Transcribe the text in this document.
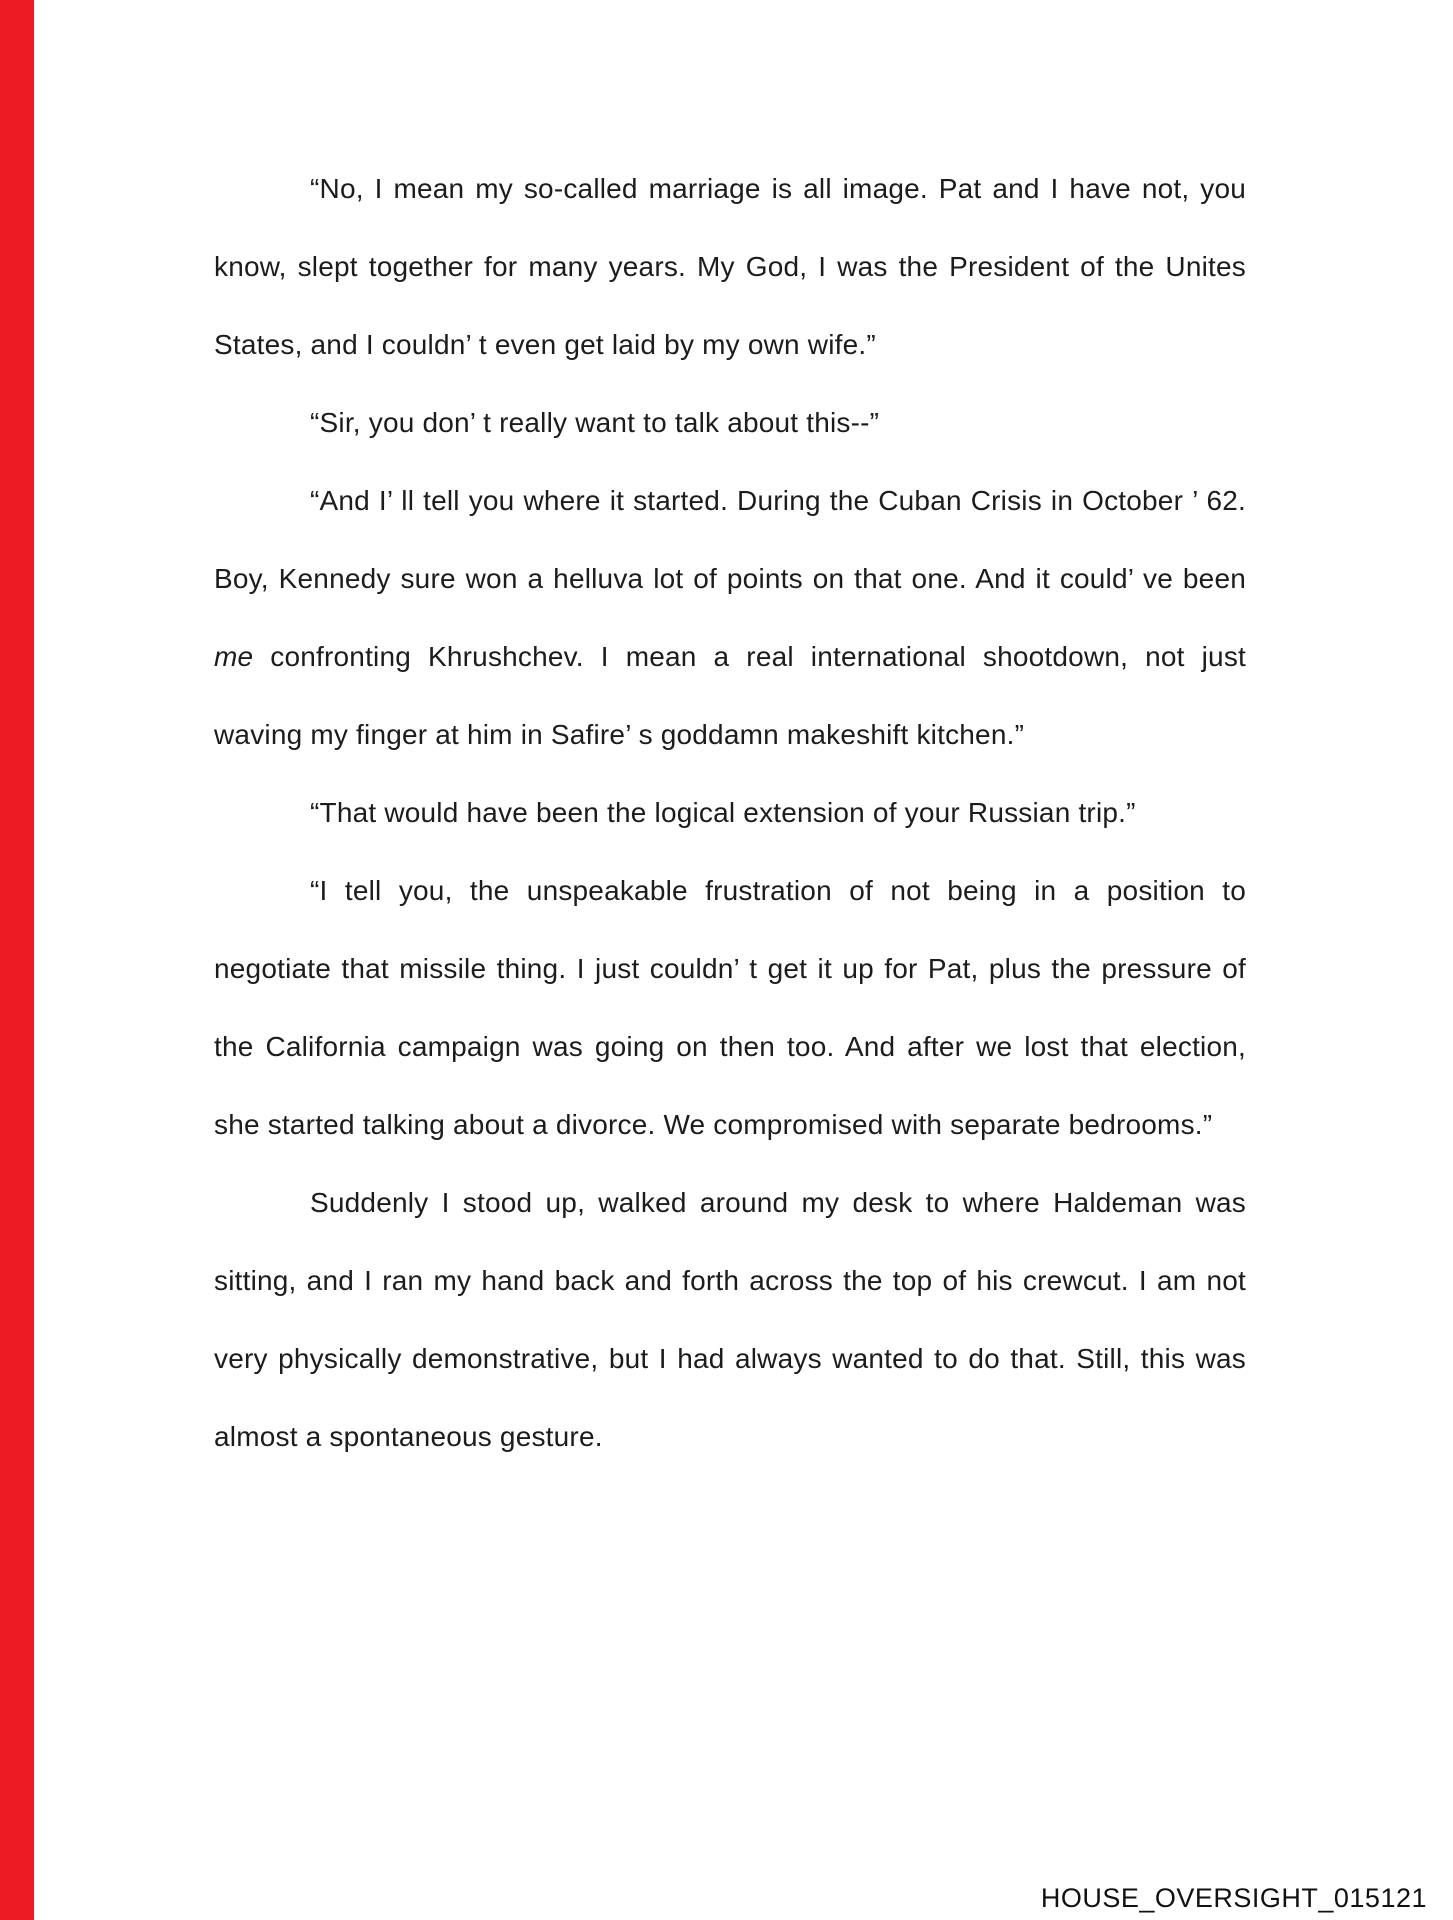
“No, I mean my so-called marriage is all image. Pat and I have not, you know, slept together for many years. My God, I was the President of the Unites States, and I couldn’ t even get laid by my own wife.”

“Sir, you don’ t really want to talk about this--”

“And I’ ll tell you where it started. During the Cuban Crisis in October ’ 62. Boy, Kennedy sure won a helluva lot of points on that one. And it could’ ve been me confronting Khrushchev. I mean a real international shootdown, not just waving my finger at him in Safire’ s goddamn makeshift kitchen.”

“That would have been the logical extension of your Russian trip.”

“I tell you, the unspeakable frustration of not being in a position to negotiate that missile thing. I just couldn’ t get it up for Pat, plus the pressure of the California campaign was going on then too. And after we lost that election, she started talking about a divorce. We compromised with separate bedrooms.”

Suddenly I stood up, walked around my desk to where Haldeman was sitting, and I ran my hand back and forth across the top of his crewcut. I am not very physically demonstrative, but I had always wanted to do that. Still, this was almost a spontaneous gesture.

HOUSE_OVERSIGHT_015121
